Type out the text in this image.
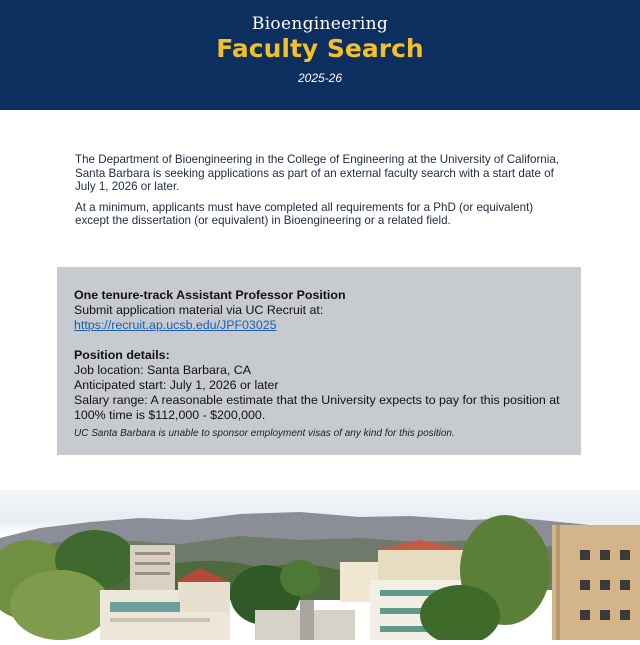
Bioengineering
Faculty Search
2025-26

The Department of Bioengineering in the College of Engineering at the University of California, Santa Barbara is seeking applications as part of an external faculty search with a start date of July 1, 2026 or later.

At a minimum, applicants must have completed all requirements for a PhD (or equivalent) except the dissertation (or equivalent) in Bioengineering or a related field.

One tenure-track Assistant Professor Position
Submit application material via UC Recruit at:
https://recruit.ap.ucsb.edu/JPF03025
Position details:
Job location: Santa Barbara, CA
Anticipated start: July 1, 2026 or later
Salary range: A reasonable estimate that the University expects to pay for this position at 100% time is $112,000 - $200,000.
UC Santa Barbara is unable to sponsor employment visas of any kind for this position.
